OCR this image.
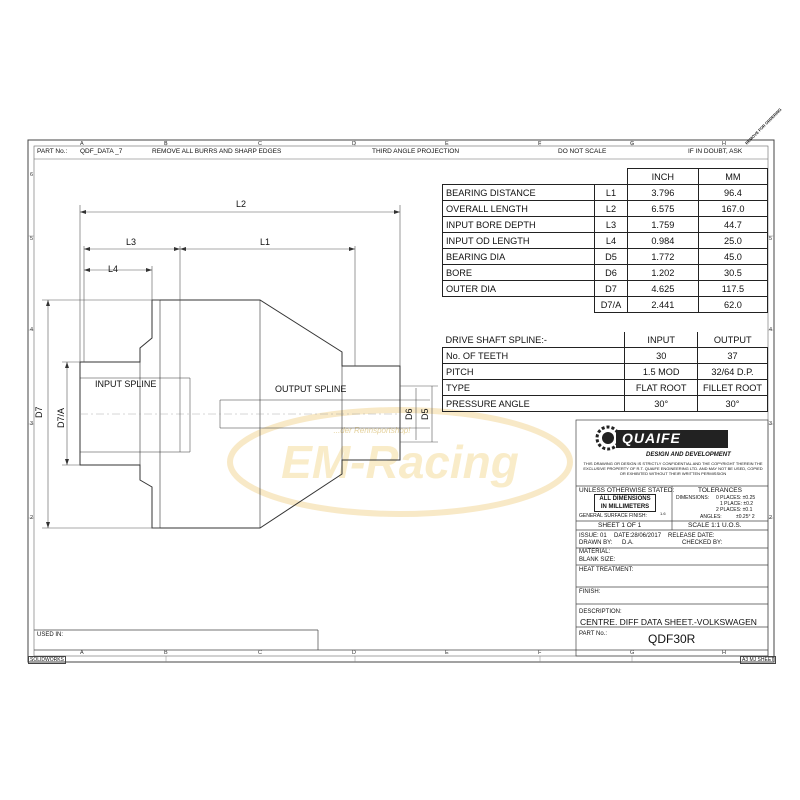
A	B	C	D	E	F	G	H
A	B	C	D	E	F	G	H
6
5
4
3
2
5
4
3
2
PART No.: QDF_DATA _7	REMOVE ALL BURRS AND SHARP EDGES	THIRD ANGLE PROJECTION	DO NOT SCALE	IF IN DOUBT, ASK
REMOVE FOR ORDERING
EM-Racing
...der Rennsportshop!
L2
L3	L1
L4
D7 D7/A	D6 D5
INPUT SPLINE	OUTPUT SPLINE
		INCH	MM
BEARING DISTANCE	L1	3.796	96.4
OVERALL LENGTH	L2	6.575	167.0
INPUT BORE DEPTH	L3	1.759	44.7
INPUT OD LENGTH	L4	0.984	25.0
BEARING DIA	D5	1.772	45.0
BORE	D6	1.202	30.5
OUTER DIA	D7	4.625	117.5
	D7/A	2.441	62.0
DRIVE SHAFT SPLINE:-	INPUT	OUTPUT
No. OF TEETH	30	37
PITCH	1.5 MOD	32/64 D.P.
TYPE	FLAT ROOT	FILLET ROOT
PRESSURE ANGLE	30°	30°
QUAIFE
DESIGN AND DEVELOPMENT
THIS DRAWING OR DESIGN IS STRICTLY CONFIDENTIAL AND THE COPYRIGHT THEREIN THE EXCLUSIVE PROPERTY OF R.T. QUAIFE ENGINEERING LTD. AND MAY NOT BE USED, COPIED OR EXHIBITED WITHOUT THEIR WRITTEN PERMISSION
UNLESS OTHERWISE STATED:	TOLERANCES
ALL DIMENSIONS
IN MILLIMETERS
DIMENSIONS: 0 PLACES: ±0.25
1 PLACE: ±0.2
2 PLACES: ±0.1
GENERAL SURFACE FINISH:	1.6
ANGLES:	±0.25° 2
SHEET 1 OF 1	SCALE 1:1 U.O.S.
ISSUE: 01 DATE: 28/06/2017 RELEASE DATE:
DRAWN BY: D.A.	CHECKED BY:
MATERIAL:
BLANK SIZE:
HEAT TREATMENT:
FINISH:
DESCRIPTION:
CENTRE. DIFF DATA SHEET.-VOLKSWAGEN
PART No.:	QDF30R
USED IN:
SOLIDWORKS	A3 MJ SHEET
